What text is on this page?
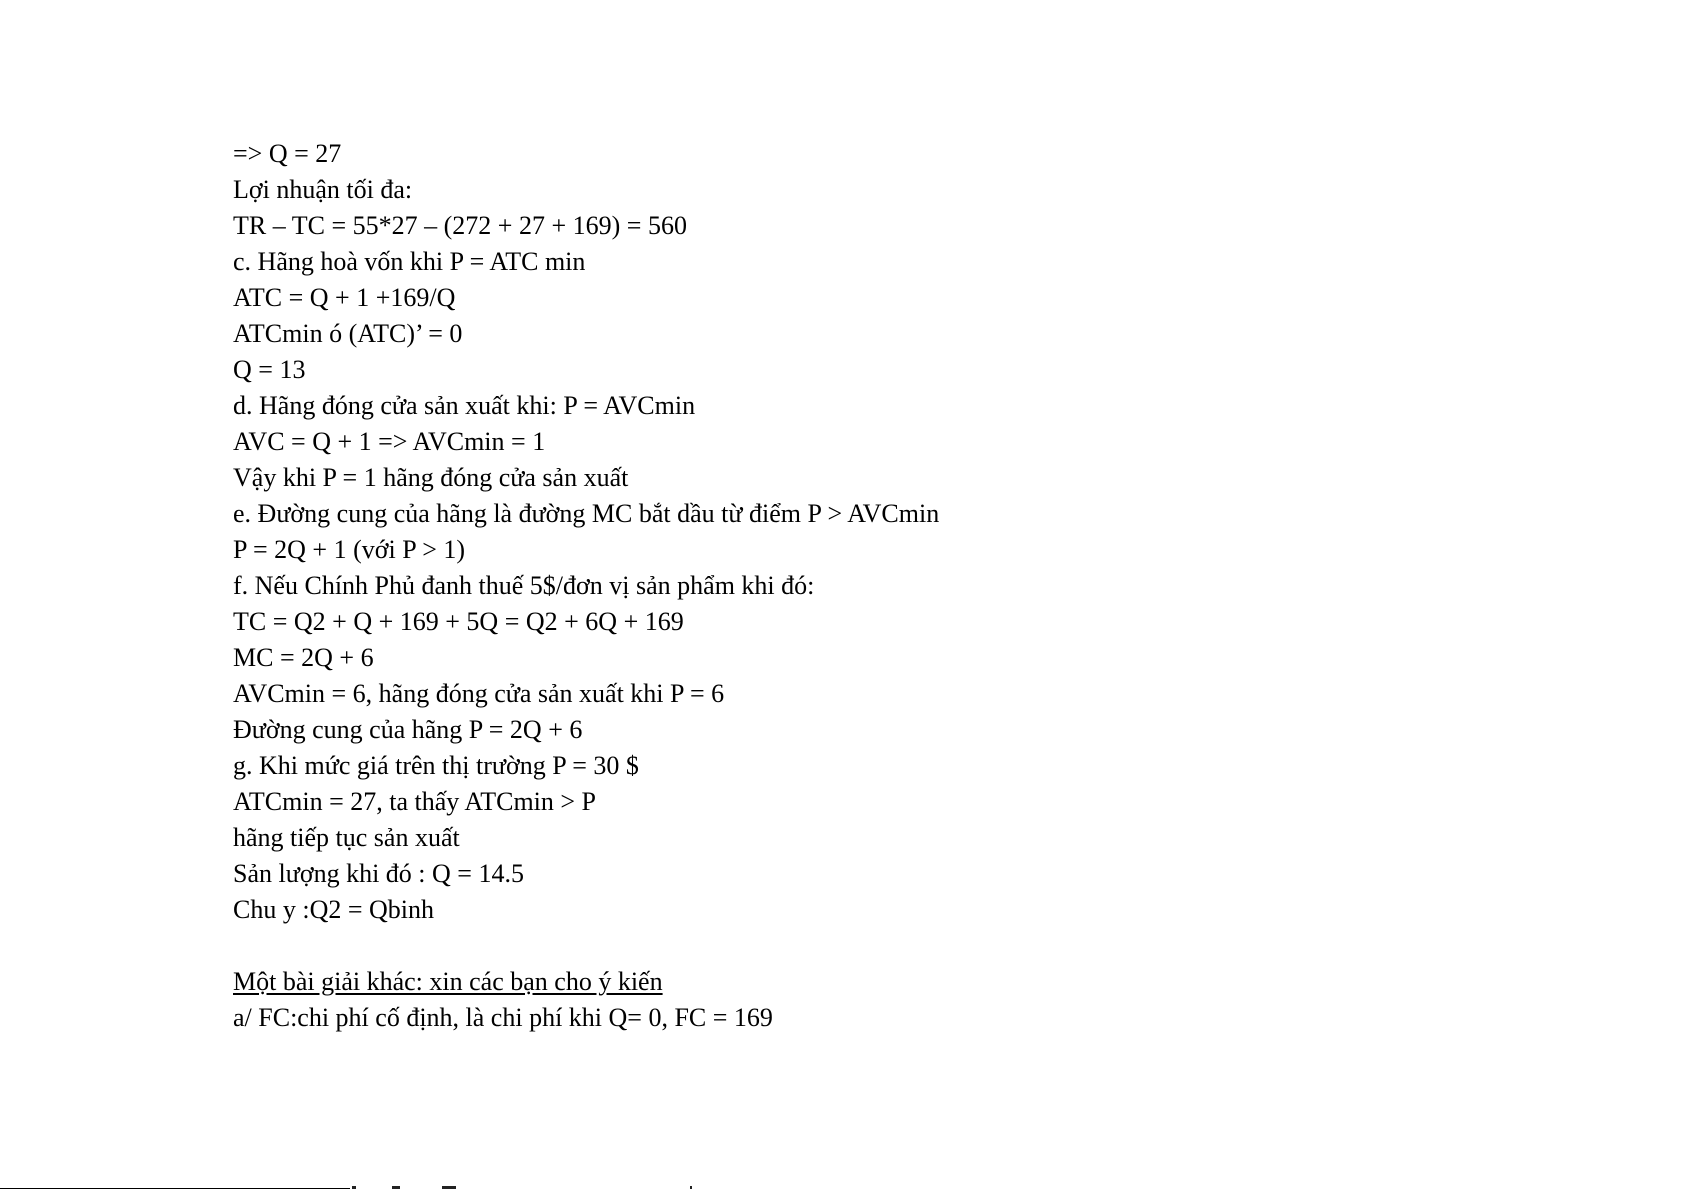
=> Q = 27
Lợi nhuận tối đa:
TR – TC = 55*27 – (272 + 27 + 169) = 560
c. Hãng hoà vốn khi P = ATC min
ATC = Q + 1 +169/Q
ATCmin ó (ATC)’ = 0
Q = 13
d. Hãng đóng cửa sản xuất khi: P = AVCmin
AVC = Q + 1 => AVCmin = 1
Vậy khi P = 1 hãng đóng cửa sản xuất
e. Đường cung của hãng là đường MC bắt dầu từ điểm P > AVCmin
P = 2Q + 1 (với P > 1)
f. Nếu Chính Phủ đanh thuế 5$/đơn vị sản phẩm khi đó:
TC = Q2 + Q + 169 + 5Q = Q2 + 6Q + 169
MC = 2Q + 6
AVCmin = 6, hãng đóng cửa sản xuất khi P = 6
Đường cung của hãng P = 2Q + 6
g. Khi mức giá trên thị trường P = 30 $
ATCmin = 27, ta thấy ATCmin > P
hãng tiếp tục sản xuất
Sản lượng khi đó : Q = 14.5
Chu y :Q2 = Qbinh
Một bài giải khác: xin các bạn cho ý kiến
a/ FC:chi phí cố định, là chi phí khi Q= 0, FC = 169
